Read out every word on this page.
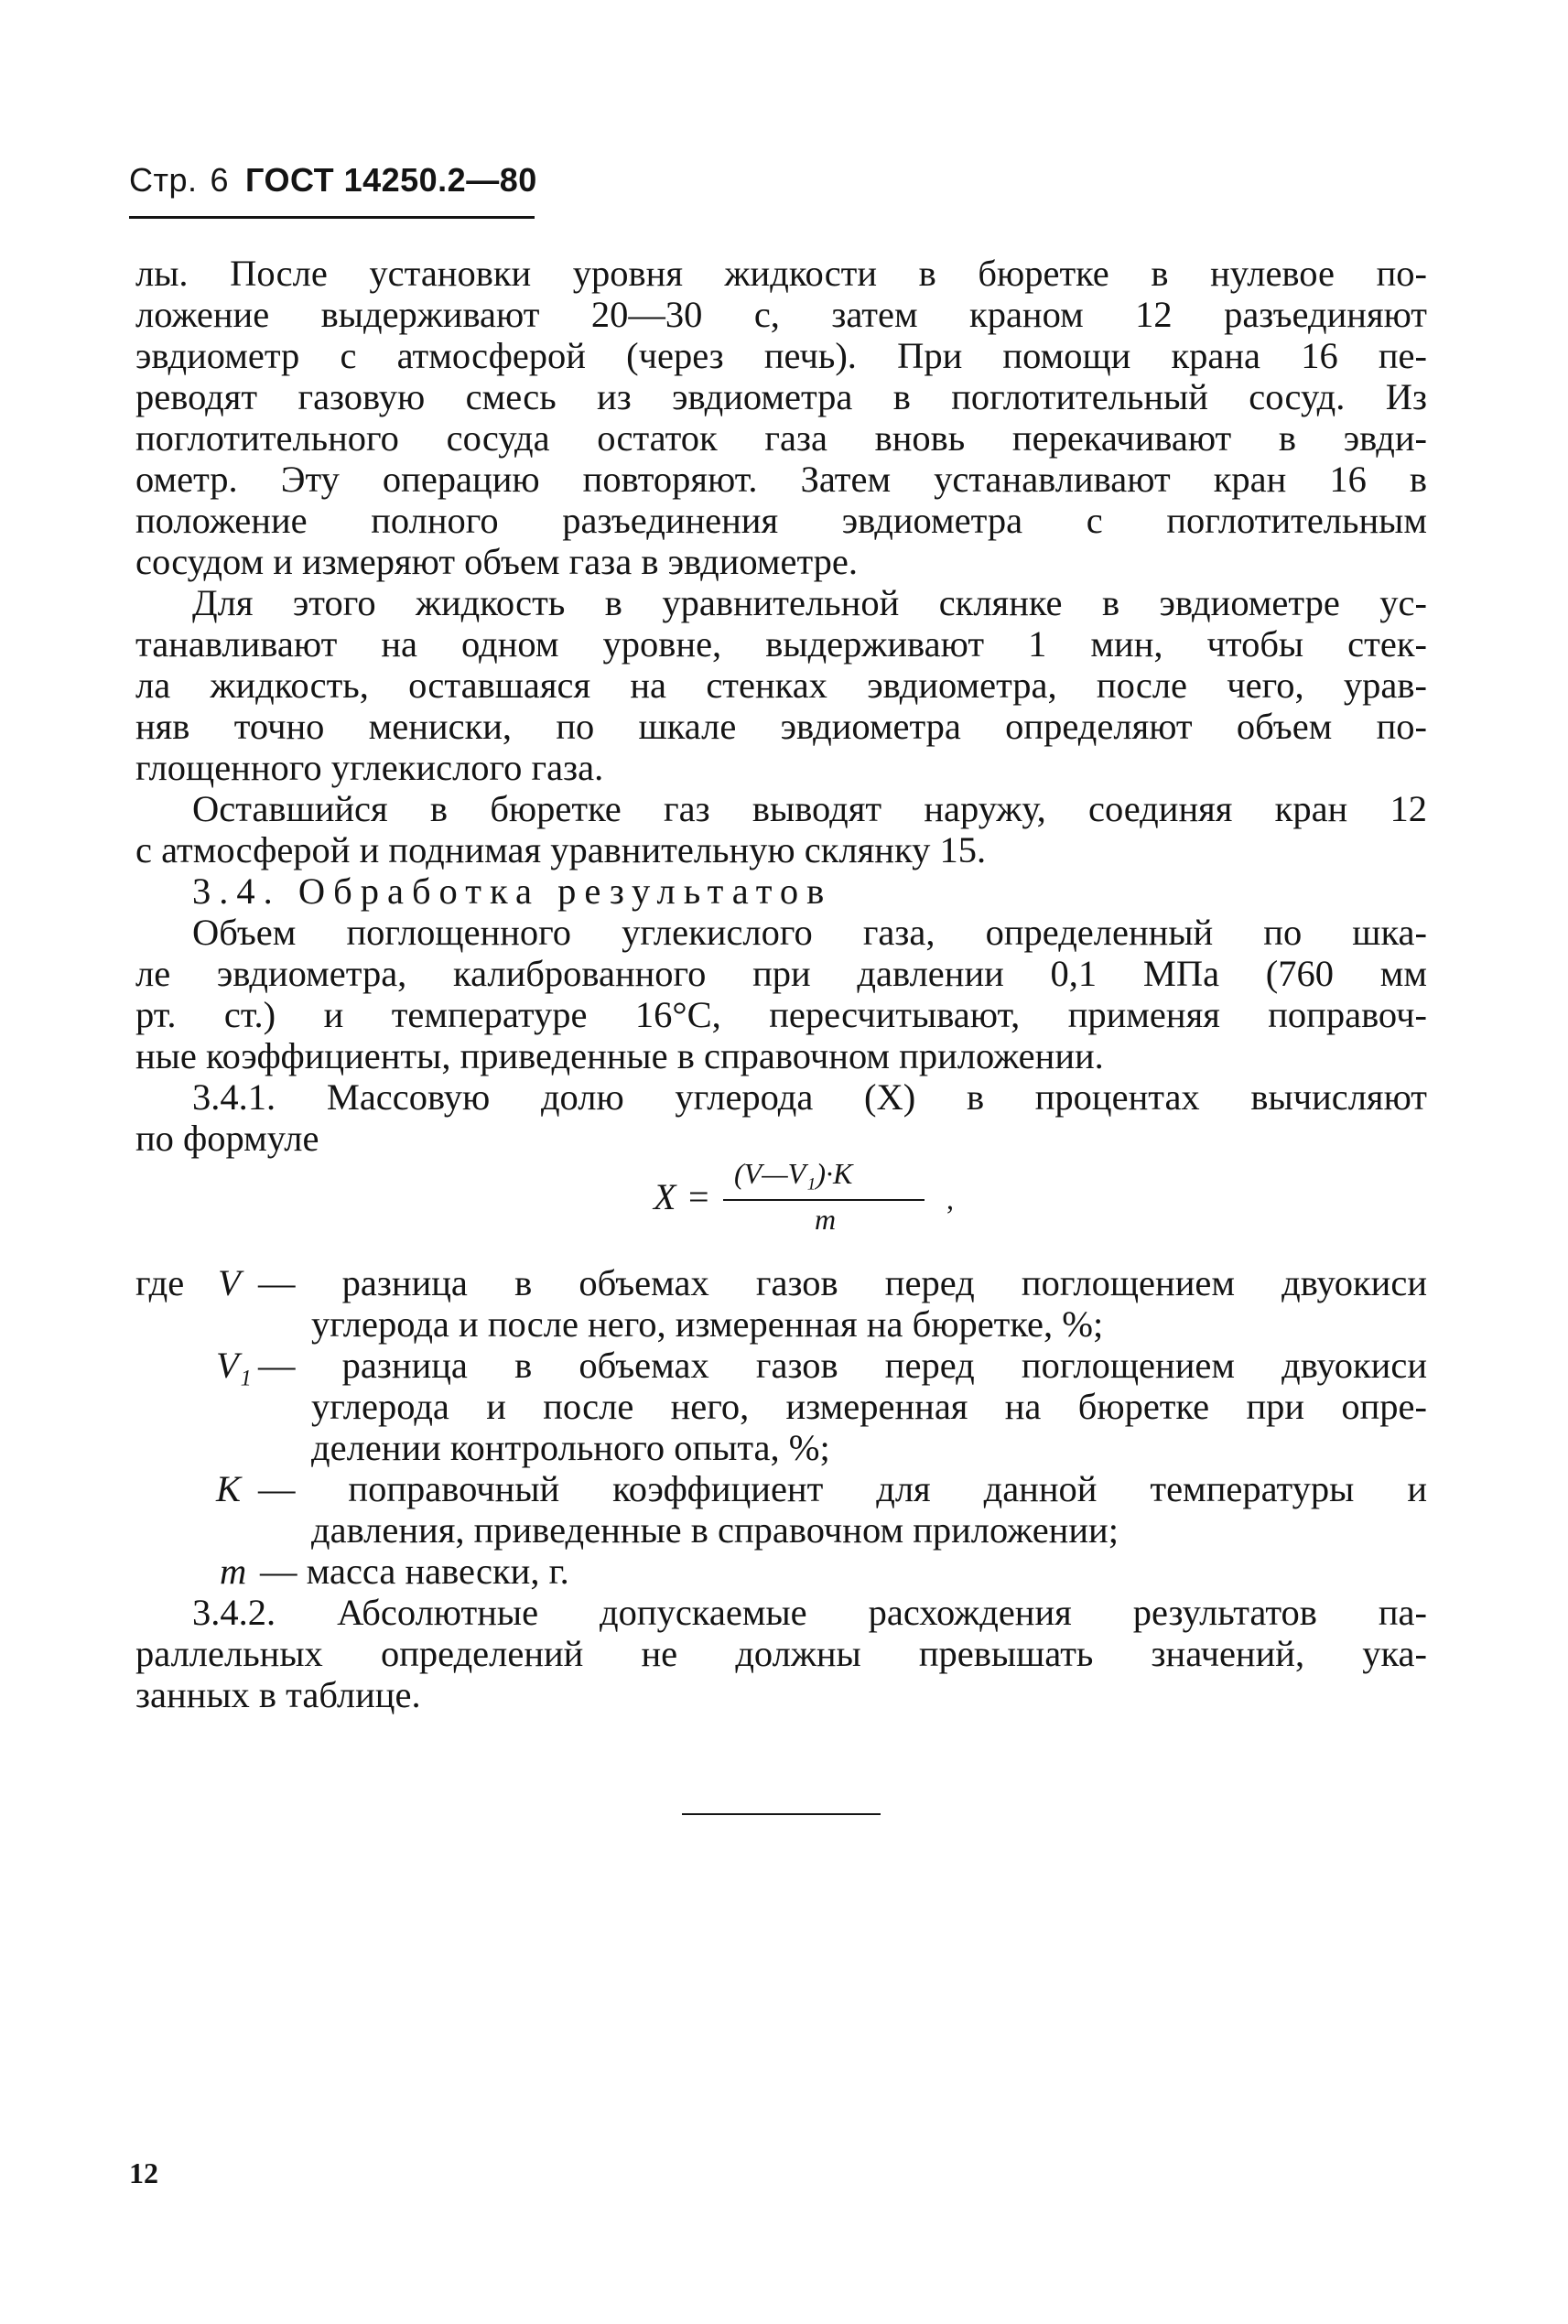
Стр. 6 ГОСТ 14250.2—80
лы. После установки уровня жидкости в бюретке в нулевое по-
ложение выдерживают 20—30 с, затем краном 12 разъединяют
эвдиометр с атмосферой (через печь). При помощи крана 16 пе-
реводят газовую смесь из эвдиометра в поглотительный сосуд. Из
поглотительного сосуда остаток газа вновь перекачивают в эвди-
ометр. Эту операцию повторяют. Затем устанавливают кран 16 в
положение полного разъединения эвдиометра с поглотительным
сосудом и измеряют объем газа в эвдиометре.
Для этого жидкость в уравнительной склянке в эвдиометре ус-
танавливают на одном уровне, выдерживают 1 мин, чтобы стек-
ла жидкость, оставшаяся на стенках эвдиометра, после чего, урав-
няв точно мениски, по шкале эвдиометра определяют объем по-
глощенного углекислого газа.
Оставшийся в бюретке газ выводят наружу, соединяя кран 12
с атмосферой и поднимая уравнительную склянку 15.
3.4. Обработка результатов
Объем поглощенного углекислого газа, определенный по шка-
ле эвдиометра, калиброванного при давлении 0,1 МПа (760 мм
рт. ст.) и температуре 16°С, пересчитывают, применяя поправоч-
ные коэффициенты, приведенные в справочном приложении.
3.4.1. Массовую долю углерода (X) в процентах вычисляют
по формуле
X =
(V—V₁)·K
m
,
где V — разница в объемах газов перед поглощением двуокиси
углерода и после него, измеренная на бюретке, %;
V₁ — разница в объемах газов перед поглощением двуокиси
углерода и после него, измеренная на бюретке при опре-
делении контрольного опыта, %;
K — поправочный коэффициент для данной температуры и
давления, приведенные в справочном приложении;
m — масса навески, г.
3.4.2. Абсолютные допускаемые расхождения результатов па-
раллельных определений не должны превышать значений, ука-
занных в таблице.
12
